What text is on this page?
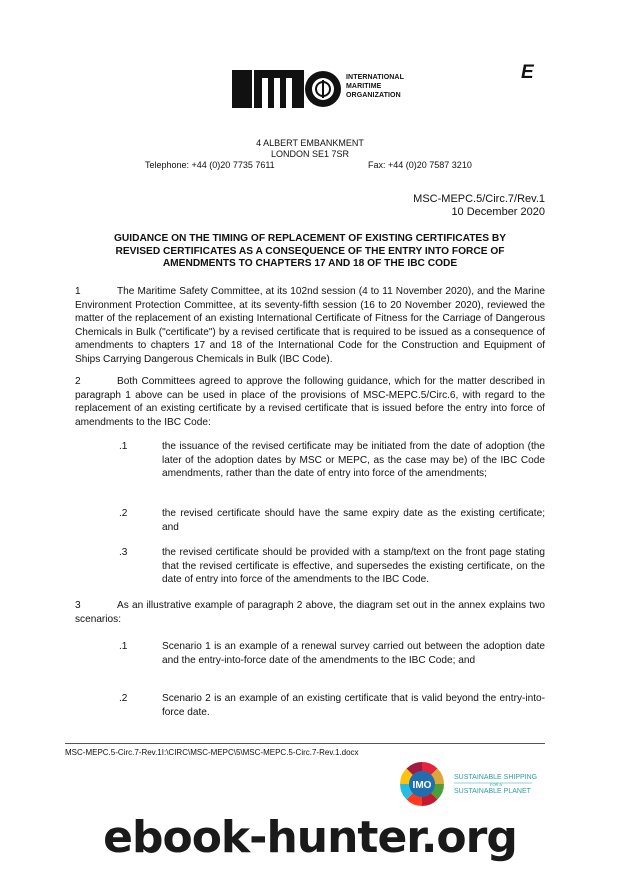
INTERNATIONAL
MARITIME
ORGANIZATION
E
4 ALBERT EMBANKMENT
LONDON SE1 7SR
Telephone: +44 (0)20 7735 7611	Fax: +44 (0)20 7587 3210
MSC-MEPC.5/Circ.7/Rev.1
10 December 2020
GUIDANCE ON THE TIMING OF REPLACEMENT OF EXISTING CERTIFICATES BY
REVISED CERTIFICATES AS A CONSEQUENCE OF THE ENTRY INTO FORCE OF
AMENDMENTS TO CHAPTERS 17 AND 18 OF THE IBC CODE
1	The Maritime Safety Committee, at its 102nd session (4 to 11 November 2020), and the Marine Environment Protection Committee, at its seventy-fifth session (16 to 20 November 2020), reviewed the matter of the replacement of an existing International Certificate of Fitness for the Carriage of Dangerous Chemicals in Bulk ("certificate") by a revised certificate that is required to be issued as a consequence of amendments to chapters 17 and 18 of the International Code for the Construction and Equipment of Ships Carrying Dangerous Chemicals in Bulk (IBC Code).
2	Both Committees agreed to approve the following guidance, which for the matter described in paragraph 1 above can be used in place of the provisions of MSC-MEPC.5/Circ.6, with regard to the replacement of an existing certificate by a revised certificate that is issued before the entry into force of amendments to the IBC Code:
.1	the issuance of the revised certificate may be initiated from the date of adoption (the later of the adoption dates by MSC or MEPC, as the case may be) of the IBC Code amendments, rather than the date of entry into force of the amendments;
.2	the revised certificate should have the same expiry date as the existing certificate; and
.3	the revised certificate should be provided with a stamp/text on the front page stating that the revised certificate is effective, and supersedes the existing certificate, on the date of entry into force of the amendments to the IBC Code.
3	As an illustrative example of paragraph 2 above, the diagram set out in the annex explains two scenarios:
.1	Scenario 1 is an example of a renewal survey carried out between the adoption date and the entry-into-force date of the amendments to the IBC Code; and
.2	Scenario 2 is an example of an existing certificate that is valid beyond the entry-into-force date.
MSC-MEPC.5-Circ.7-Rev.1I:\CIRC\MSC-MEPC\5\MSC-MEPC.5-Circ.7-Rev.1.docx
IMO
SUSTAINABLE SHIPPING
FOR A
SUSTAINABLE PLANET
ebook-hunter.org
